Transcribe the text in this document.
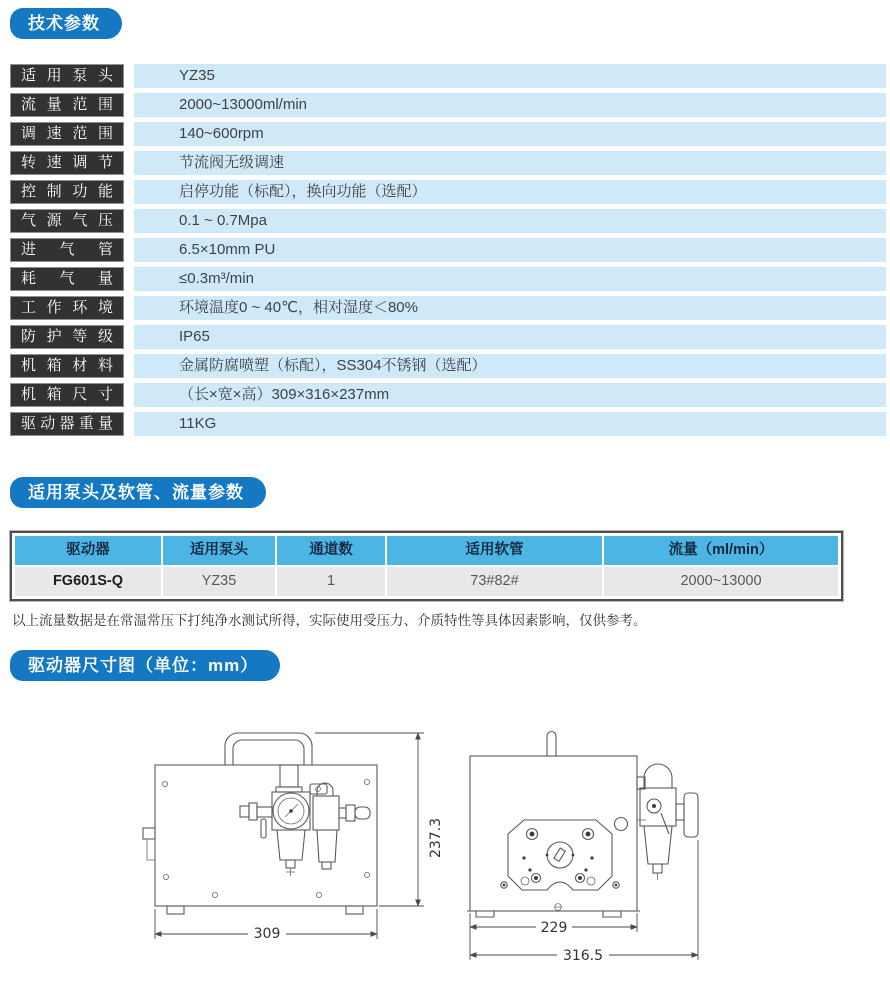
技术参数
适用泵头	YZ35
流量范围	2000~13000ml/min
调速范围	140~600rpm
转速调节	节流阀无级调速
控制功能	启停功能（标配），换向功能（选配）
气源气压	0.1 ~ 0.7Mpa
进气管	6.5×10mm PU
耗气量	≤0.3m³/min
工作环境	环境温度0 ~ 40℃，相对湿度＜80%
防护等级	IP65
机箱材料	金属防腐喷塑（标配），SS304不锈钢（选配）
机箱尺寸	（长×宽×高）309×316×237mm
驱动器重量	11KG
适用泵头及软管、流量参数
驱动器	适用泵头	通道数	适用软管	流量（ml/min）
FG601S-Q	YZ35	1	73#82#	2000~13000
以上流量数据是在常温常压下打纯净水测试所得，实际使用受压力、介质特性等具体因素影响，仅供参考。
驱动器尺寸图（单位：mm）
237.3
309	229
316.5
